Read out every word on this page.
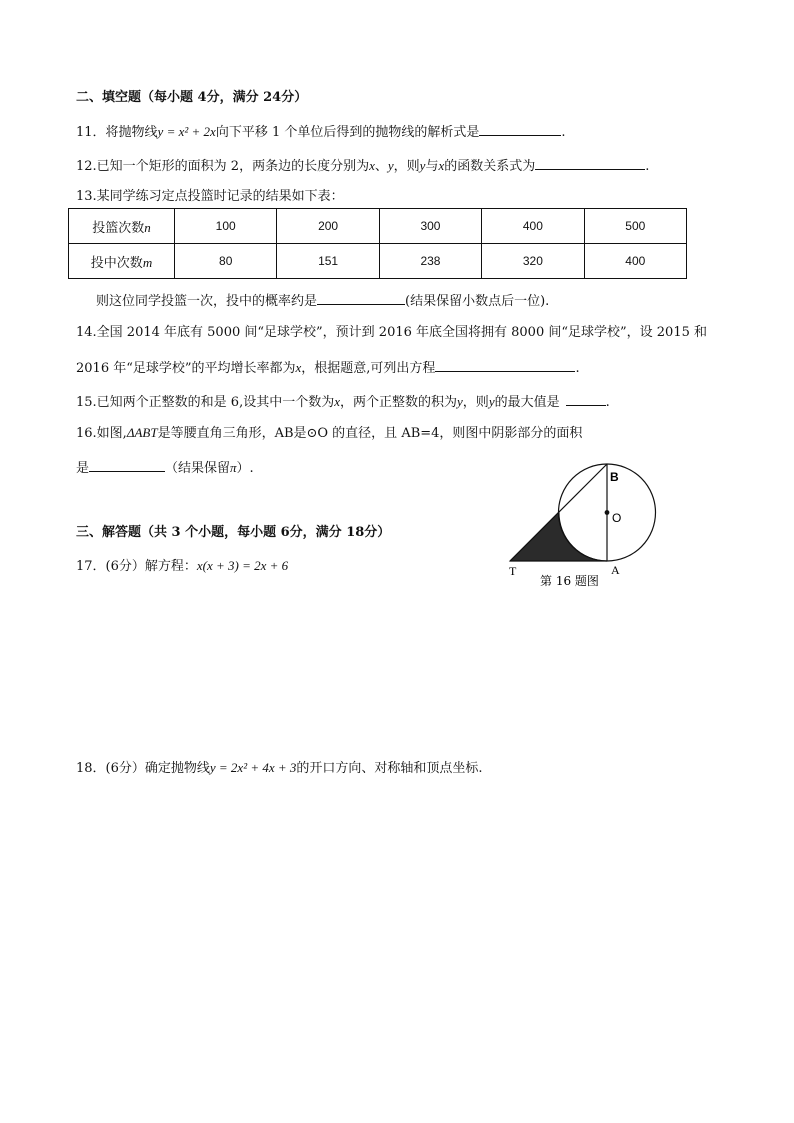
二、填空题（每小题 4分，满分 24分）
11．将抛物线y = x² + 2x向下平移 1 个单位后得到的抛物线的解析式是	.
12.已知一个矩形的面积为 2，两条边的长度分别为x、y，则y与x的函数关系式为	.
13.某同学练习定点投篮时记录的结果如下表：
投篮次数n	100	200	300	400	500
投中次数m	80	151	238	320	400
则这位同学投篮一次，投中的概率约是	(结果保留小数点后一位).
14.全国 2014 年底有 5000 间“足球学校”，预计到 2016 年底全国将拥有 8000 间“足球学校”，设 2015 和
2016 年“足球学校”的平均增长率都为x，根据题意,可列出方程	.
15.已知两个正整数的和是 6,设其中一个数为x，两个正整数的积为y，则y的最大值是	.
16.如图,ΔABT是等腰直角三角形，AB是⊙O 的直径，且 AB=4，则图中阴影部分的面积
是	（结果保留π）.
B
O
T	A
第 16 题图
三、解答题（共 3 个小题，每小题 6分，满分 18分）
17．(6分）解方程：x(x + 3) = 2x + 6
18．(6分）确定抛物线y = 2x² + 4x + 3的开口方向、对称轴和顶点坐标.
